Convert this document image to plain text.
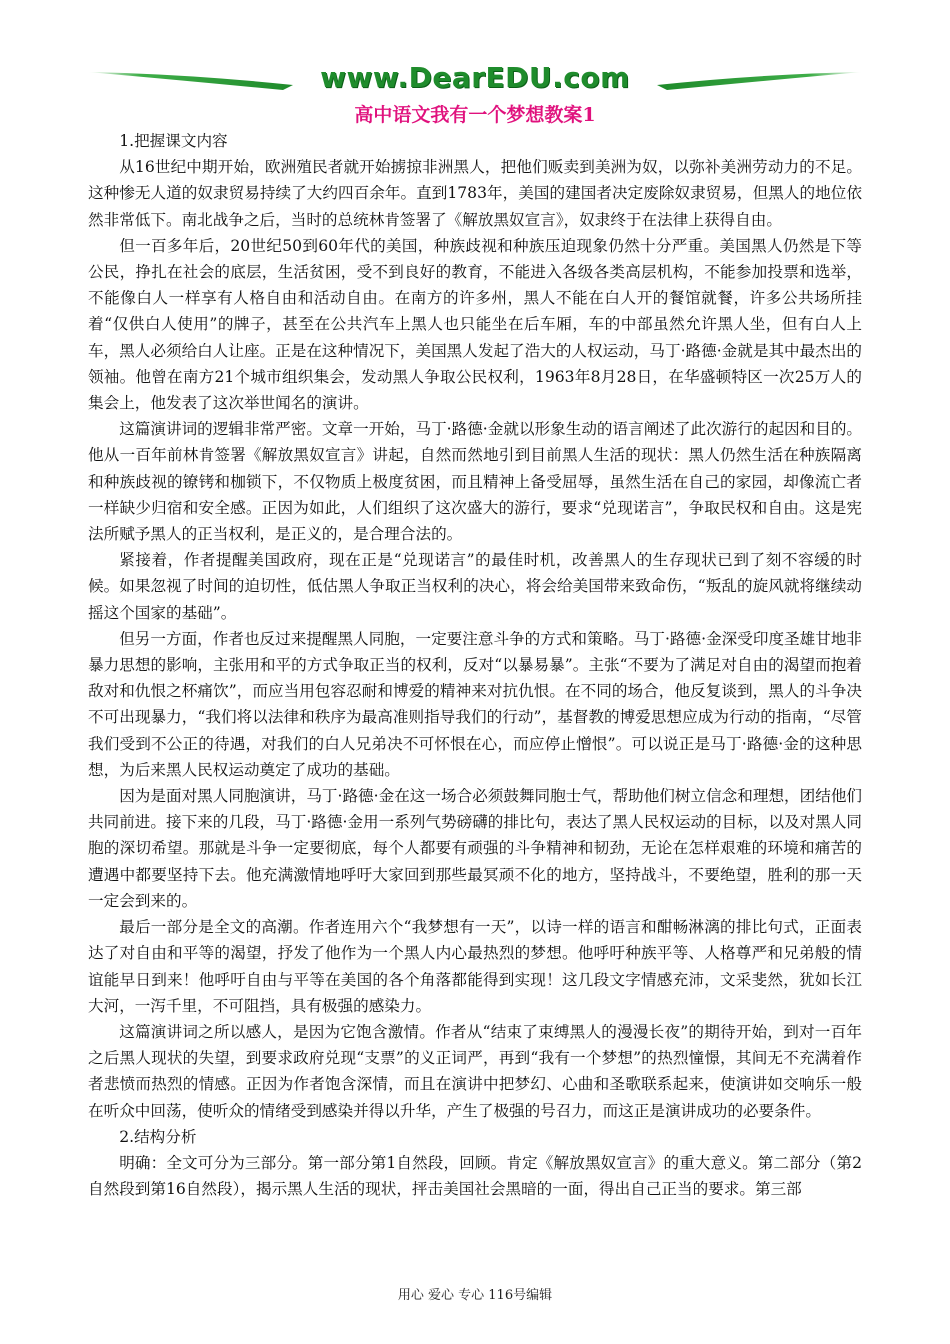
www.DearEDU.com
高中语文我有一个梦想教案1

1.把握课文内容

从16世纪中期开始，欧洲殖民者就开始掳掠非洲黑人，把他们贩卖到美洲为奴，以弥补美洲劳动力的不足。这种惨无人道的奴隶贸易持续了大约四百余年。直到1783年，美国的建国者决定废除奴隶贸易，但黑人的地位依然非常低下。南北战争之后，当时的总统林肯签署了《解放黑奴宣言》，奴隶终于在法律上获得自由。

但一百多年后，20世纪50到60年代的美国，种族歧视和种族压迫现象仍然十分严重。美国黑人仍然是下等公民，挣扎在社会的底层，生活贫困，受不到良好的教育，不能进入各级各类高层机构，不能参加投票和选举，不能像白人一样享有人格自由和活动自由。在南方的许多州，黑人不能在白人开的餐馆就餐，许多公共场所挂着“仅供白人使用”的牌子，甚至在公共汽车上黑人也只能坐在后车厢，车的中部虽然允许黑人坐，但有白人上车，黑人必须给白人让座。正是在这种情况下，美国黑人发起了浩大的人权运动，马丁·路德·金就是其中最杰出的领袖。他曾在南方21个城市组织集会，发动黑人争取公民权利，1963年8月28日，在华盛顿特区一次25万人的集会上，他发表了这次举世闻名的演讲。

这篇演讲词的逻辑非常严密。文章一开始，马丁·路德·金就以形象生动的语言阐述了此次游行的起因和目的。他从一百年前林肯签署《解放黑奴宣言》讲起，自然而然地引到目前黑人生活的现状：黑人仍然生活在种族隔离和种族歧视的镣铐和枷锁下，不仅物质上极度贫困，而且精神上备受屈辱，虽然生活在自己的家园，却像流亡者一样缺少归宿和安全感。正因为如此，人们组织了这次盛大的游行，要求“兑现诺言”，争取民权和自由。这是宪法所赋予黑人的正当权利，是正义的，是合理合法的。

紧接着，作者提醒美国政府，现在正是“兑现诺言”的最佳时机，改善黑人的生存现状已到了刻不容缓的时候。如果忽视了时间的迫切性，低估黑人争取正当权利的决心，将会给美国带来致命伤，“叛乱的旋风就将继续动摇这个国家的基础”。

但另一方面，作者也反过来提醒黑人同胞，一定要注意斗争的方式和策略。马丁·路德·金深受印度圣雄甘地非暴力思想的影响，主张用和平的方式争取正当的权利，反对“以暴易暴”。主张“不要为了满足对自由的渴望而抱着敌对和仇恨之杯痛饮”，而应当用包容忍耐和博爱的精神来对抗仇恨。在不同的场合，他反复谈到，黑人的斗争决不可出现暴力，“我们将以法律和秩序为最高准则指导我们的行动”，基督教的博爱思想应成为行动的指南，“尽管我们受到不公正的待遇，对我们的白人兄弟决不可怀恨在心，而应停止憎恨”。可以说正是马丁·路德·金的这种思想，为后来黑人民权运动奠定了成功的基础。

因为是面对黑人同胞演讲，马丁·路德·金在这一场合必须鼓舞同胞士气，帮助他们树立信念和理想，团结他们共同前进。接下来的几段，马丁·路德·金用一系列气势磅礴的排比句，表达了黑人民权运动的目标，以及对黑人同胞的深切希望。那就是斗争一定要彻底，每个人都要有顽强的斗争精神和韧劲，无论在怎样艰难的环境和痛苦的遭遇中都要坚持下去。他充满激情地呼吁大家回到那些最冥顽不化的地方，坚持战斗，不要绝望，胜利的那一天一定会到来的。

最后一部分是全文的高潮。作者连用六个“我梦想有一天”，以诗一样的语言和酣畅淋漓的排比句式，正面表达了对自由和平等的渴望，抒发了他作为一个黑人内心最热烈的梦想。他呼吁种族平等、人格尊严和兄弟般的情谊能早日到来！他呼吁自由与平等在美国的各个角落都能得到实现！这几段文字情感充沛，文采斐然，犹如长江大河，一泻千里，不可阻挡，具有极强的感染力。

这篇演讲词之所以感人，是因为它饱含激情。作者从“结束了束缚黑人的漫漫长夜”的期待开始，到对一百年之后黑人现状的失望，到要求政府兑现“支票”的义正词严，再到“我有一个梦想”的热烈憧憬，其间无不充满着作者悲愤而热烈的情感。正因为作者饱含深情，而且在演讲中把梦幻、心曲和圣歌联系起来，使演讲如交响乐一般在听众中回荡，使听众的情绪受到感染并得以升华，产生了极强的号召力，而这正是演讲成功的必要条件。

2.结构分析

明确：全文可分为三部分。第一部分第1自然段，回顾。肯定《解放黑奴宣言》的重大意义。第二部分（第2自然段到第16自然段），揭示黑人生活的现状，抨击美国社会黑暗的一面，得出自己正当的要求。第三部

用心 爱心 专心 116号编辑
